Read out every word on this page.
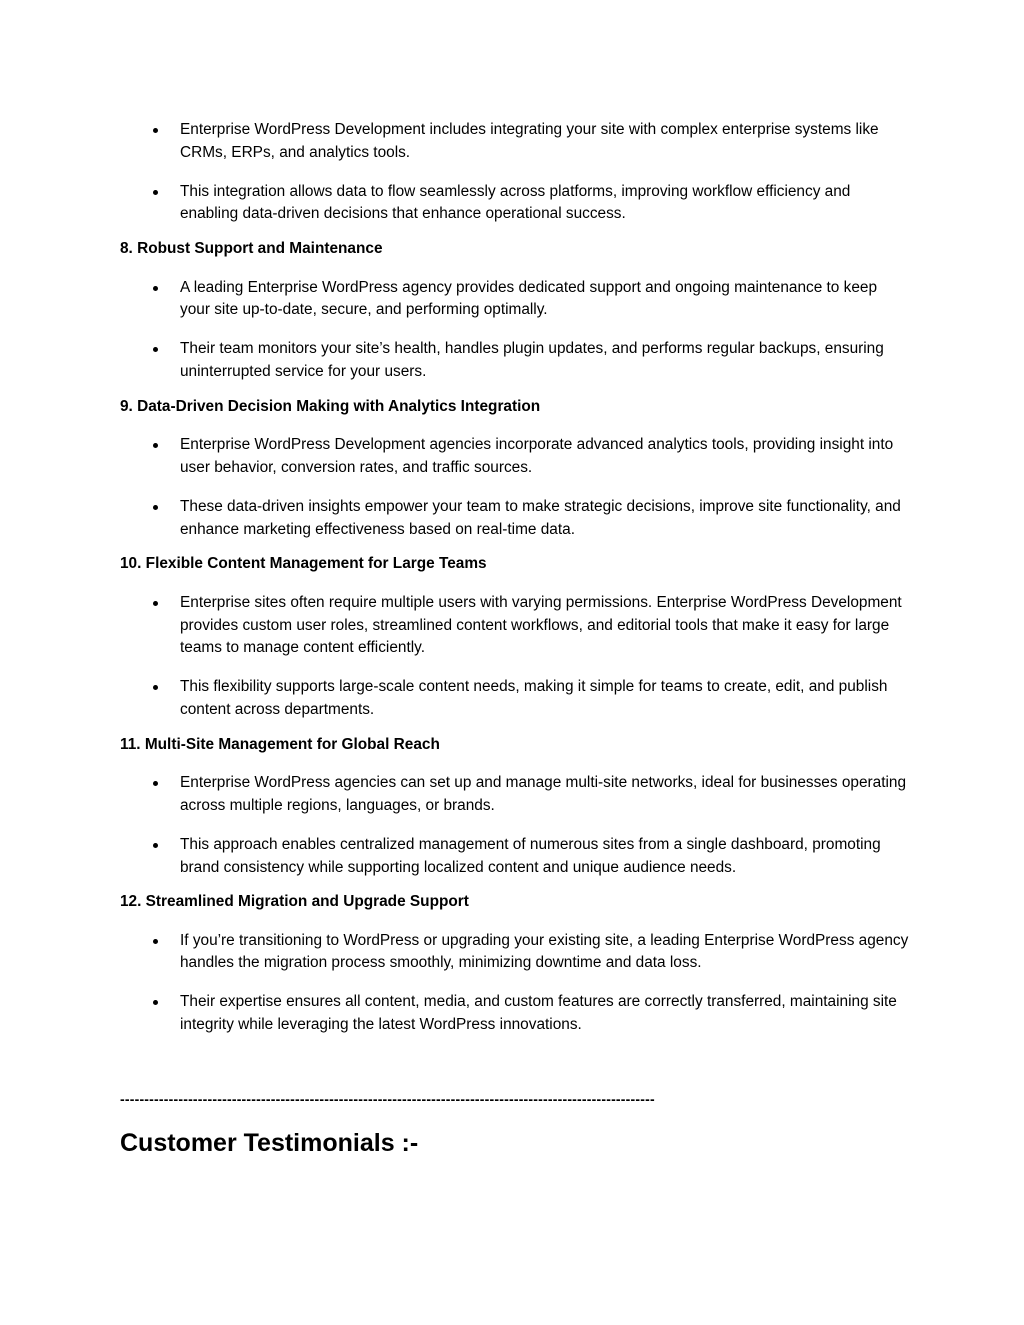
Enterprise WordPress Development includes integrating your site with complex enterprise systems like CRMs, ERPs, and analytics tools.
This integration allows data to flow seamlessly across platforms, improving workflow efficiency and enabling data-driven decisions that enhance operational success.
8. Robust Support and Maintenance
A leading Enterprise WordPress agency provides dedicated support and ongoing maintenance to keep your site up-to-date, secure, and performing optimally.
Their team monitors your site’s health, handles plugin updates, and performs regular backups, ensuring uninterrupted service for your users.
9. Data-Driven Decision Making with Analytics Integration
Enterprise WordPress Development agencies incorporate advanced analytics tools, providing insight into user behavior, conversion rates, and traffic sources.
These data-driven insights empower your team to make strategic decisions, improve site functionality, and enhance marketing effectiveness based on real-time data.
10. Flexible Content Management for Large Teams
Enterprise sites often require multiple users with varying permissions. Enterprise WordPress Development provides custom user roles, streamlined content workflows, and editorial tools that make it easy for large teams to manage content efficiently.
This flexibility supports large-scale content needs, making it simple for teams to create, edit, and publish content across departments.
11. Multi-Site Management for Global Reach
Enterprise WordPress agencies can set up and manage multi-site networks, ideal for businesses operating across multiple regions, languages, or brands.
This approach enables centralized management of numerous sites from a single dashboard, promoting brand consistency while supporting localized content and unique audience needs.
12. Streamlined Migration and Upgrade Support
If you’re transitioning to WordPress or upgrading your existing site, a leading Enterprise WordPress agency handles the migration process smoothly, minimizing downtime and data loss.
Their expertise ensures all content, media, and custom features are correctly transferred, maintaining site integrity while leveraging the latest WordPress innovations.
--------------------------------------------------------------------------------------------------------------
Customer Testimonials :-
